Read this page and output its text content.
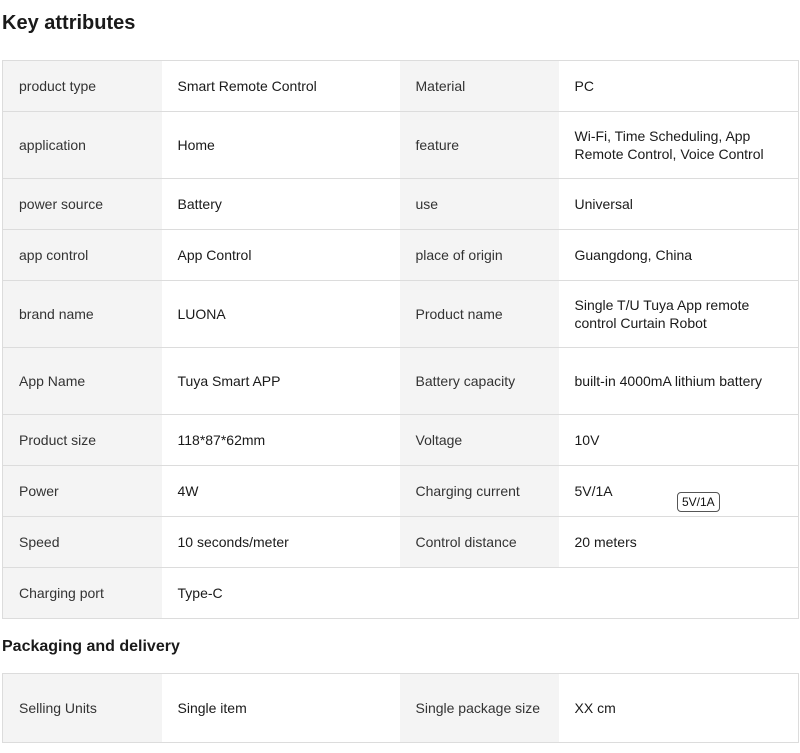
Key attributes
product type	Smart Remote Control	Material	PC
application	Home	feature	Wi-Fi, Time Scheduling, App Remote Control, Voice Control
power source	Battery	use	Universal
app control	App Control	place of origin	Guangdong, China
brand name	LUONA	Product name	Single T/U Tuya App remote control Curtain Robot
App Name	Tuya Smart APP	Battery capacity	built-in 4000mA lithium battery
Product size	118*87*62mm	Voltage	10V
Power	4W	Charging current	5V/1A
Speed	10 seconds/meter	Control distance	20 meters
Charging port	Type-C		
5V/1A
Packaging and delivery
Selling Units	Single item	Single package size	XX cm
